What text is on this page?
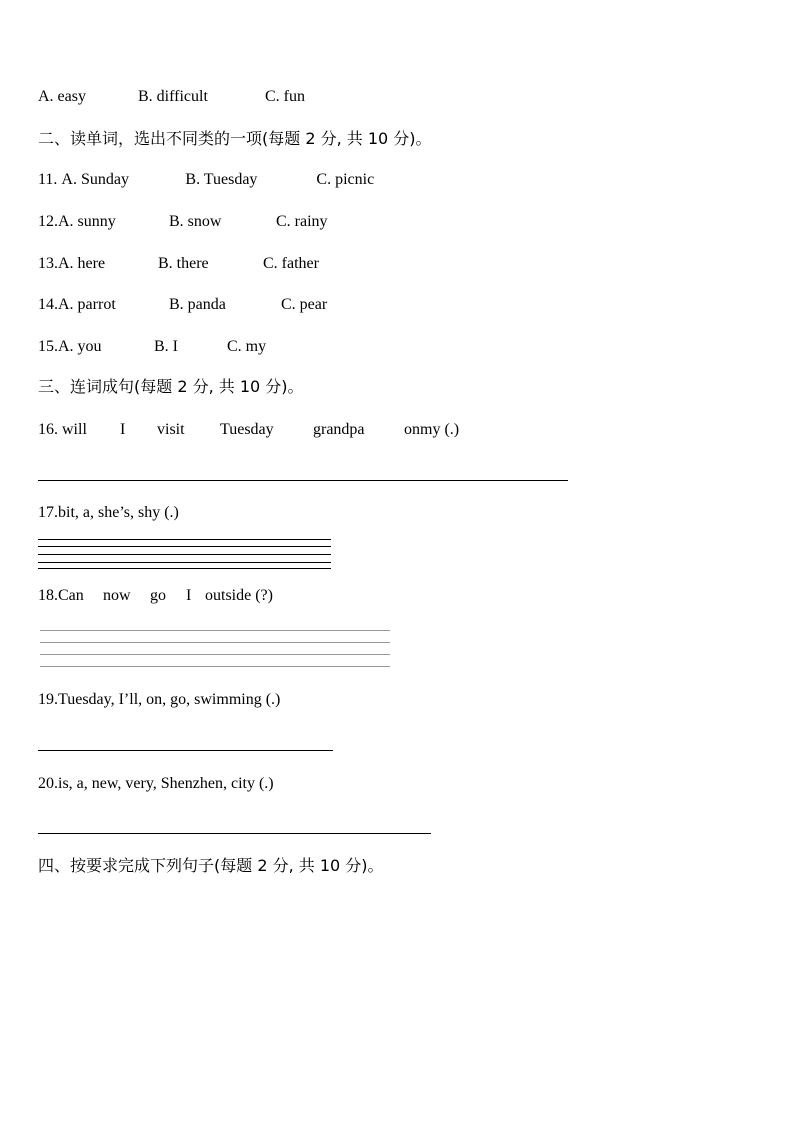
A. easy	B. difficult	C. fun
二、读单词，选出不同类的一项(每题 2 分, 共 10 分)。
11. A. Sunday	B. Tuesday	C. picnic
12.A. sunny	B. snow	C. rainy
13.A. here	B. there	C. father
14.A. parrot	B. panda	C. pear
15.A. you	B. I	C. my
三、连词成句(每题 2 分, 共 10 分)。
16. will I visit Tuesday grandpa onmy (.)
17.bit, a, she’s, shy (.)
18.Can now go I outside (?)
19.Tuesday, I’ll, on, go, swimming (.)
20.is, a, new, very, Shenzhen, city (.)
四、按要求完成下列句子(每题 2 分, 共 10 分)。
